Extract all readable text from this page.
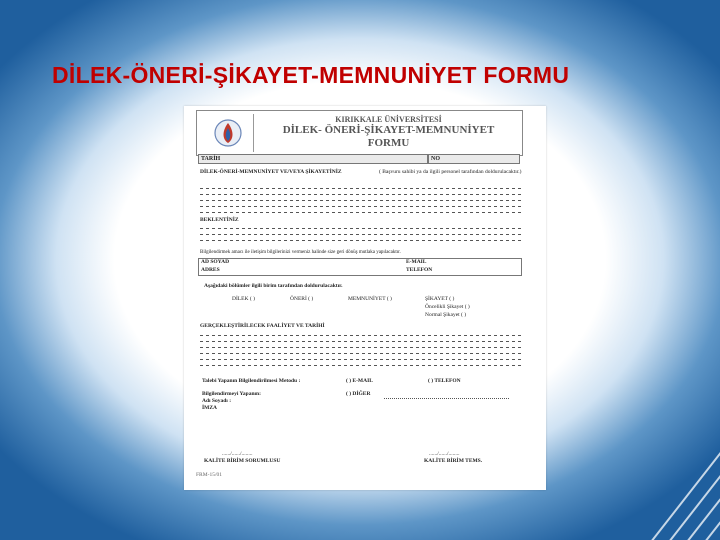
DİLEK-ÖNERİ-ŞİKAYET-MEMNUNİYET FORMU
KIRIKKALE ÜNİVERSİTESİ
DİLEK- ÖNERİ-ŞİKAYET-MEMNUNİYET
FORMU
TARİH	NO
DİLEK-ÖNERİ-MEMNUNİYET VE/VEYA ŞİKAYETİNİZ	( Başvuru sahibi ya da ilgili personel tarafından doldurulacaktır.)
BEKLENTİNİZ
Bilgilendirmek amacı ile iletişim bilgilerinizi vermeniz halinde size geri dönüş mutlaka yapılacaktır.
AD SOYAD	E-MAIL
ADRES	TELEFON
Aşağıdaki bölümler ilgili birim tarafından doldurulacaktır.
DİLEK ( )	ÖNERİ ( )	MEMNUNİYET ( )	ŞİKAYET ( )
Öncelikli Şikayet ( )
Normal Şikayet ( )
GERÇEKLEŞTİRİLECEK FAALİYET VE TARİHİ
Talebi Yapanın Bilgilendirilmesi Metodu :	( ) E-MAIL	( ) TELEFON
Bilgilendirmeyi Yapanın:	( ) DİĞER
Adı Soyadı :
İMZA
....../....../........	....../....../........
KALİTE BİRİM SORUMLUSU	KALİTE BİRİM TEMS.
FRM-15/01
